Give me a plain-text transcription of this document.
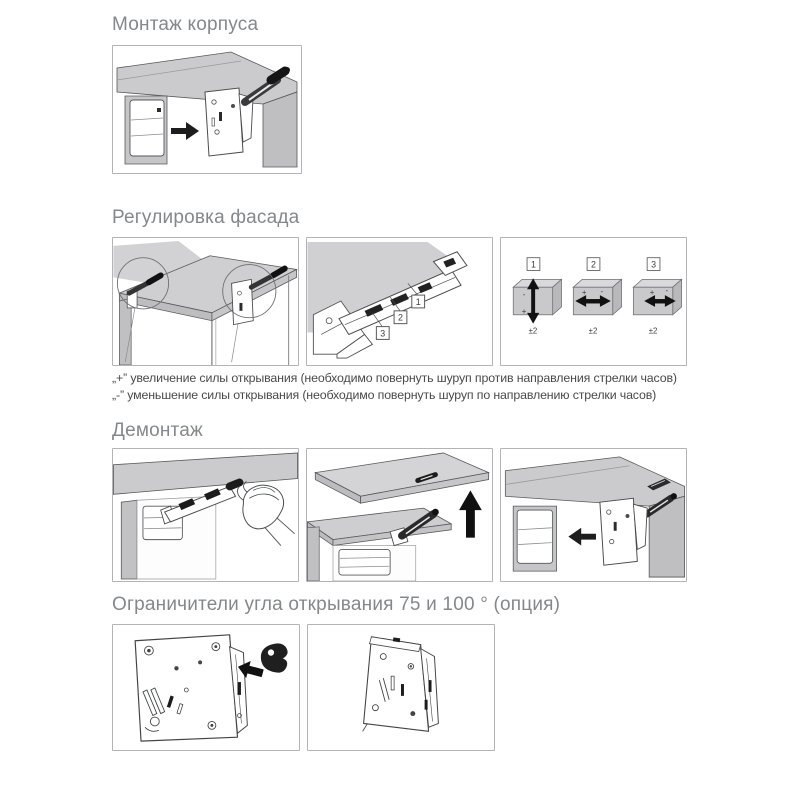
Монтаж корпуса
Регулировка фасада
3
2
1
1
-
+
±2
2
+ -
±2
3
+ -
±2
„+” увеличение силы открывания (необходимо повернуть шуруп против направления стрелки часов)
„-” уменьшение силы открывания (необходимо повернуть шуруп по направлению стрелки часов)
Демонтаж
Ограничители угла открывания 75 и 100 ° (опция)
